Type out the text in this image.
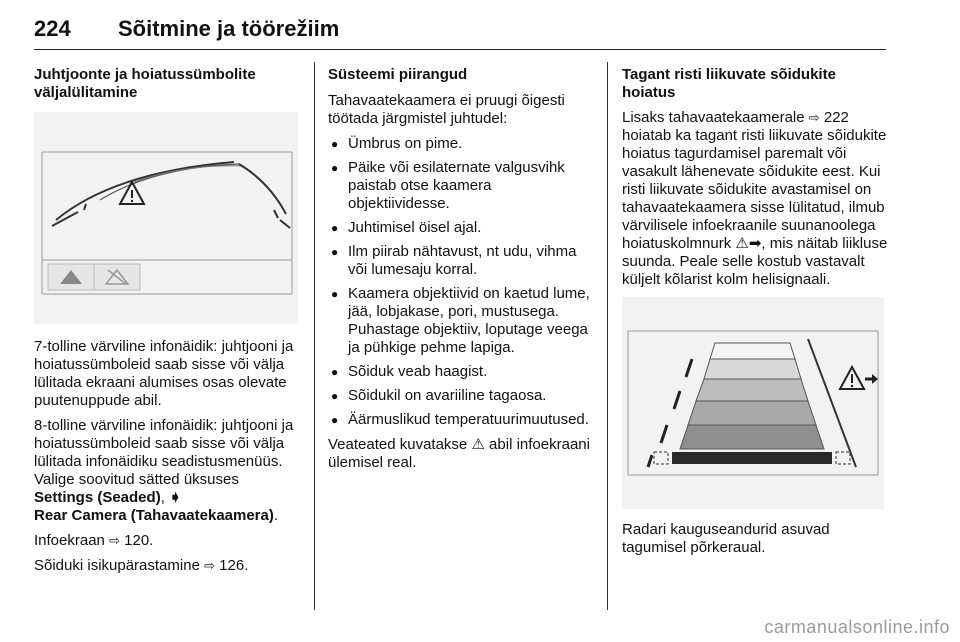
224 Sõitmine ja töörežiim

Juhtjoonte ja hoiatussümbolite väljalülitamine

7-tolline värviline infonäidik: juhtjooni ja hoiatussümboleid saab sisse või välja lülitada ekraani alumises osas olevate puutenuppude abil.

8-tolline värviline infonäidik: juhtjooni ja hoiatussümboleid saab sisse või välja lülitada infonäidiku seadistusmenüüs. Valige soovitud sätted üksuses Settings (Seaded), ➧
Rear Camera (Tahavaatekaamera).

Infoekraan ⇨ 120.

Sõiduki isikupärastamine ⇨ 126.

Süsteemi piirangud

Tahavaatekaamera ei pruugi õigesti töötada järgmistel juhtudel:

● Ümbrus on pime.
● Päike või esilaternate valgusvihk paistab otse kaamera objektiividesse.
● Juhtimisel öisel ajal.
● Ilm piirab nähtavust, nt udu, vihma või lumesaju korral.
● Kaamera objektiivid on kaetud lume, jää, lobjakase, pori, mustusega. Puhastage objektiiv, loputage veega ja pühkige pehme lapiga.
● Sõiduk veab haagist.
● Sõidukil on avariiline tagaosa.
● Äärmuslikud temperatuurimuutused.

Veateated kuvatakse ⚠ abil infoekraani ülemisel real.

Tagant risti liikuvate sõidukite hoiatus

Lisaks tahavaatekaamerale ⇨ 222 hoiatab ka tagant risti liikuvate sõidukite hoiatus tagurdamisel paremalt või vasakult lähenevate sõidukite eest. Kui risti liikuvate sõidukite avastamisel on tahavaatekaamera sisse lülitatud, ilmub värvilisele infoekraanile suunanoolega hoiatuskolmnurk ⚠➡, mis näitab liikluse suunda. Peale selle kostub vastavalt küljelt kõlarist kolm helisignaali.

Radari kauguseandurid asuvad tagumisel põrkeraual.

carmanualsonline.info
